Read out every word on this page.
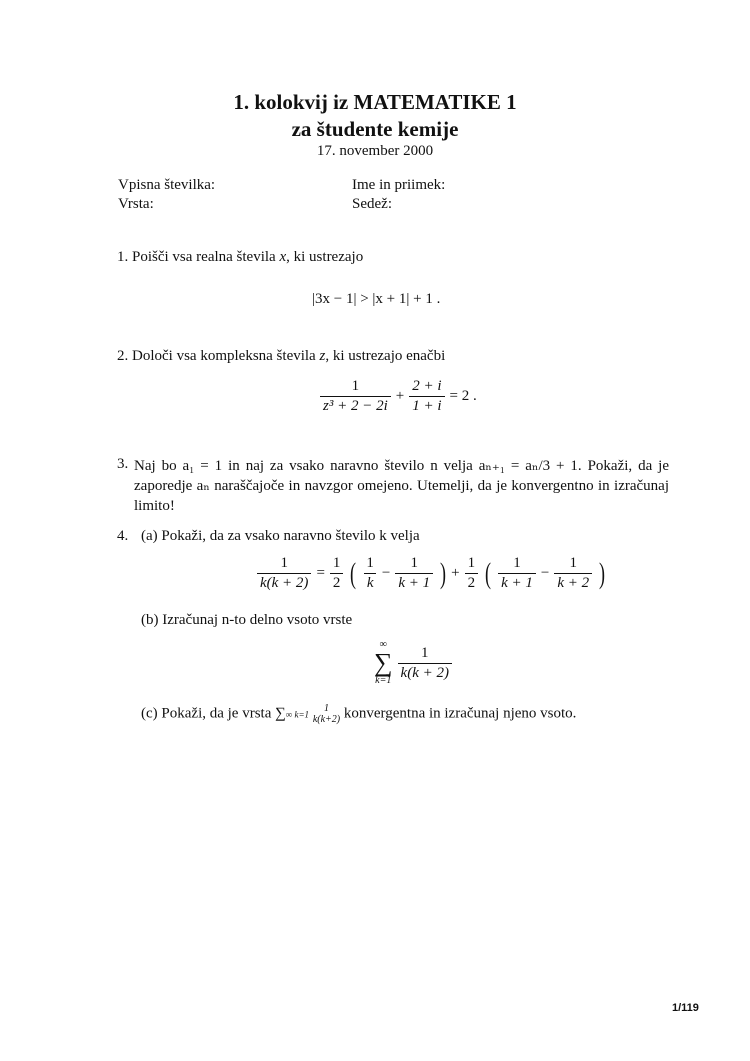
1. kolokvij iz MATEMATIKE 1
za študente kemije
17. november 2000
Vpisna številka:
Vrsta:
Ime in priimek:
Sedež:
1. Poišči vsa realna števila x, ki ustrezajo
|3x − 1| > |x + 1| + 1 .
2. Določi vsa kompleksna števila z, ki ustrezajo enačbi
$\frac{1}{\text{z³ + 2 − 2i}} + \frac{2 + i}{1 + i} = 2$ .
3. Naj bo a₁ = 1 in naj za vsako naravno število n velja aₙ₊₁ = aₙ/3 + 1. Pokaži, da je zaporedje aₙ naraščajoče in navzgor omejeno. Utemelji, da je konvergentno in izračunaj limito!
4. (a) Pokaži, da za vsako naravno število k velja
$\frac{1}{k(k + 2)} = \frac{1}{2}$ ( $\frac{1}{k} - \frac{1}{k + 1}$ ) + $\frac{1}{2}$ ( $\frac{1}{k + 1} - \frac{1}{k + 2}$ )
(b) Izračunaj n-to delno vsoto vrste
∞
∑
$k=1 \frac{1}{k(k + 2)}$
(c) Pokaži, da je vrsta ∑∞ k=1
1
k(k+2) konvergentna in izračunaj njeno vsoto.
1/119
